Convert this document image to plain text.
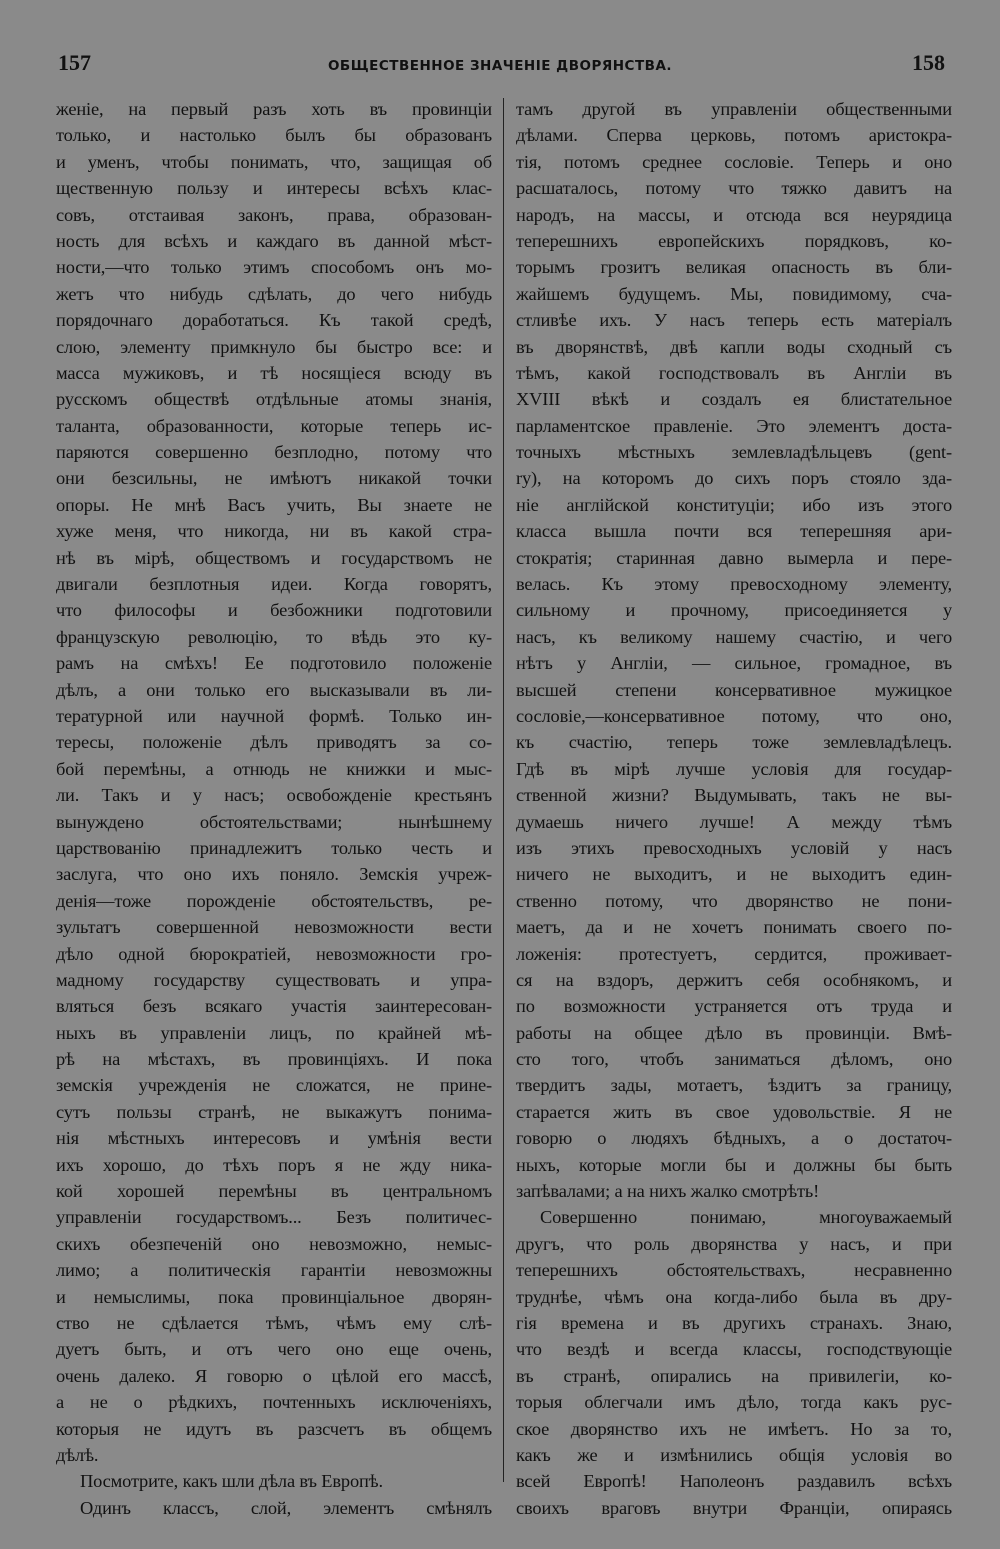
157	ОБЩЕСТВЕННОЕ ЗНАЧЕНІЕ ДВОРЯНСТВА.	158
женіе, на первый разъ хоть въ провинціи
только, и настолько былъ бы образованъ
и уменъ, чтобы понимать, что, защищая об
щественную пользу и интересы всѣхъ клас-
совъ, отстаивая законъ, права, образован-
ность для всѣхъ и каждаго въ данной мѣст-
ности,—что только этимъ способомъ онъ мо-
жетъ что нибудь сдѣлать, до чего нибудь
порядочнаго доработаться. Къ такой средѣ,
слою, элементу примкнуло бы быстро все: и
масса мужиковъ, и тѣ носящіеся всюду въ
русскомъ обществѣ отдѣльные атомы знанія,
таланта, образованности, которые теперь ис-
паряются совершенно безплодно, потому что
они безсильны, не имѣютъ никакой точки
опоры. Не мнѣ Васъ учить, Вы знаете не
хуже меня, что никогда, ни въ какой стра-
нѣ въ мірѣ, обществомъ и государствомъ не
двигали безплотныя идеи. Когда говорятъ,
что философы и безбожники подготовили
французскую революцію, то вѣдь это ку-
рамъ на смѣхъ! Ее подготовило положеніе
дѣлъ, а они только его высказывали въ ли-
тературной или научной формѣ. Только ин-
тересы, положеніе дѣлъ приводятъ за со-
бой перемѣны, а отнюдь не книжки и мыс-
ли. Такъ и у насъ; освобожденіе крестьянъ
вынуждено обстоятельствами; нынѣшнему
царствованію принадлежитъ только честь и
заслуга, что оно ихъ поняло. Земскія учреж-
денія—тоже порожденіе обстоятельствъ, ре-
зультатъ совершенной невозможности вести
дѣло одной бюрократіей, невозможности гро-
мадному государству существовать и упра-
вляться безъ всякаго участія заинтересован-
ныхъ въ управленіи лицъ, по крайней мѣ-
рѣ на мѣстахъ, въ провинціяхъ. И пока
земскія учрежденія не сложатся, не прине-
сутъ пользы странѣ, не выкажутъ понима-
нія мѣстныхъ интересовъ и умѣнія вести
ихъ хорошо, до тѣхъ поръ я не жду ника-
кой хорошей перемѣны въ центральномъ
управленіи государствомъ... Безъ политичес-
скихъ обезпеченій оно невозможно, немыс-
лимо; а политическія гарантіи невозможны
и немыслимы, пока провинціальное дворян-
ство не сдѣлается тѣмъ, чѣмъ ему слѣ-
дуетъ быть, и отъ чего оно еще очень,
очень далеко. Я говорю о цѣлой его массѣ,
а не о рѣдкихъ, почтенныхъ исключеніяхъ,
которыя не идутъ въ разсчетъ въ общемъ
дѣлѣ.
Посмотрите, какъ шли дѣла въ Европѣ.
Одинъ классъ, слой, элементъ смѣнялъ
тамъ другой въ управленіи общественными
дѣлами. Сперва церковь, потомъ аристокра-
тія, потомъ среднее сословіе. Теперь и оно
расшаталось, потому что тяжко давитъ на
народъ, на массы, и отсюда вся неурядица
теперешнихъ европейскихъ порядковъ, ко-
торымъ грозитъ великая опасность въ бли-
жайшемъ будущемъ. Мы, повидимому, сча-
стливѣе ихъ. У насъ теперь есть матеріалъ
въ дворянствѣ, двѣ капли воды сходный съ
тѣмъ, какой господствовалъ въ Англіи въ
XVIII вѣкѣ и создалъ ея блистательное
парламентское правленіе. Это элементъ доста-
точныхъ мѣстныхъ землевладѣльцевъ (gent-
ry), на которомъ до сихъ поръ стояло зда-
ніе англійской конституціи; ибо изъ этого
класса вышла почти вся теперешняя ари-
стократія; старинная давно вымерла и пере-
велась. Къ этому превосходному элементу,
сильному и прочному, присоединяется у
насъ, къ великому нашему счастію, и чего
нѣтъ у Англіи, — сильное, громадное, въ
высшей степени консервативное мужицкое
сословіе,—консервативное потому, что оно,
къ счастію, теперь тоже землевладѣлецъ.
Гдѣ въ мірѣ лучше условія для государ-
ственной жизни? Выдумывать, такъ не вы-
думаешь ничего лучше! А между тѣмъ
изъ этихъ превосходныхъ условій у насъ
ничего не выходитъ, и не выходитъ един-
ственно потому, что дворянство не пони-
маетъ, да и не хочетъ понимать своего по-
ложенія: протестуетъ, сердится, проживает-
ся на вздоръ, держитъ себя особнякомъ, и
по возможности устраняется отъ труда и
работы на общее дѣло въ провинціи. Вмѣ-
сто того, чтобъ заниматься дѣломъ, оно
твердитъ зады, мотаетъ, ѣздитъ за границу,
старается жить въ свое удовольствіе. Я не
говорю о людяхъ бѣдныхъ, а о достаточ-
ныхъ, которые могли бы и должны бы быть
запѣвалами; а на нихъ жалко смотрѣть!
Совершенно понимаю, многоуважаемый
другъ, что роль дворянства у насъ, и при
теперешнихъ обстоятельствахъ, несравненно
труднѣе, чѣмъ она когда-либо была въ дру-
гія времена и въ другихъ странахъ. Знаю,
что вездѣ и всегда классы, господствующіе
въ странѣ, опирались на привилегіи, ко-
торыя облегчали имъ дѣло, тогда какъ рус-
ское дворянство ихъ не имѣетъ. Но за то,
какъ же и измѣнились общія условія во
всей Европѣ! Наполеонъ раздавилъ всѣхъ
своихъ враговъ внутри Франціи, опираясь
